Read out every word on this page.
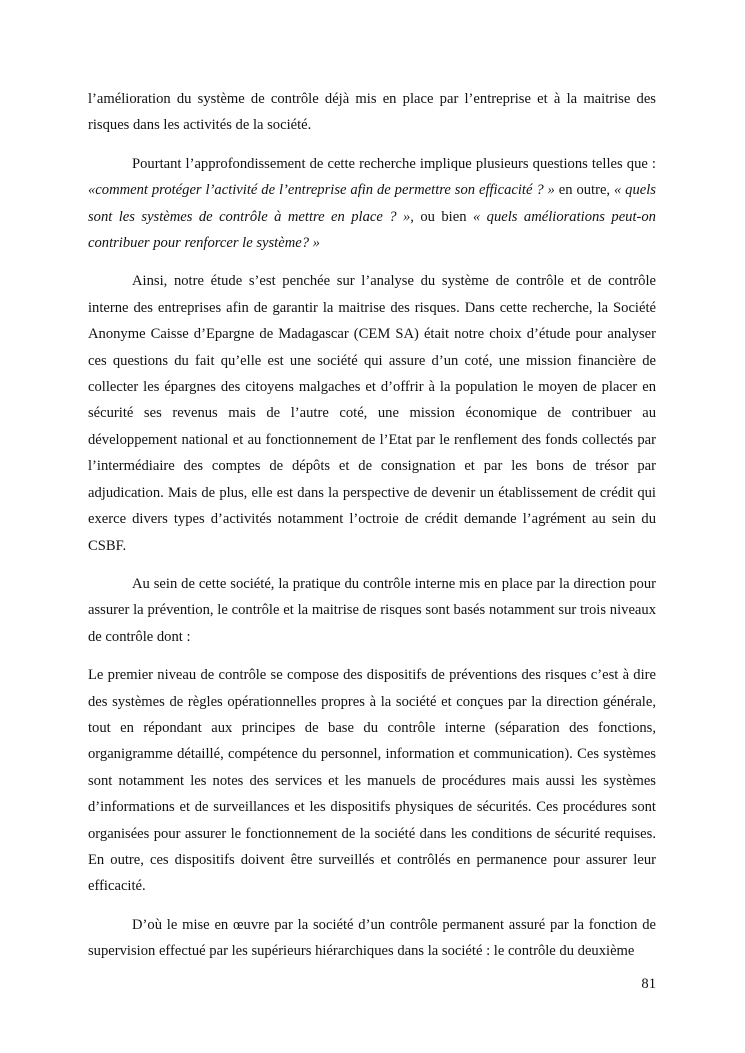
l’amélioration du système de contrôle déjà mis en place par l’entreprise et à la maitrise des risques dans les activités de la société.

Pourtant l’approfondissement de cette recherche implique plusieurs questions telles que : «comment protéger l’activité de l’entreprise afin de permettre son efficacité ? » en outre, « quels sont les systèmes de contrôle à mettre en place ? », ou bien « quels améliorations peut-on contribuer pour renforcer le système? »

Ainsi, notre étude s’est penchée sur l’analyse du système de contrôle et de contrôle interne des entreprises afin de garantir la maitrise des risques. Dans cette recherche, la Société Anonyme Caisse d’Epargne de Madagascar (CEM SA) était notre choix d’étude pour analyser ces questions du fait qu’elle est une société qui assure d’un coté, une mission financière de collecter les épargnes des citoyens malgaches et d’offrir à la population le moyen de placer en sécurité ses revenus mais de l’autre coté, une mission économique de contribuer au développement national et au fonctionnement de l’Etat par le renflement des fonds collectés par l’intermédiaire des comptes de dépôts et de consignation et par les bons de trésor par adjudication. Mais de plus, elle est dans la perspective de devenir un établissement de crédit qui exerce divers types d’activités notamment l’octroie de crédit demande l’agrément au sein du CSBF.

Au sein de cette société, la pratique du contrôle interne mis en place par la direction pour assurer la prévention, le contrôle et la maitrise de risques sont basés notamment sur trois niveaux de contrôle dont :

Le premier niveau de contrôle se compose des dispositifs de préventions des risques c’est à dire des systèmes de règles opérationnelles propres à la société et conçues par la direction générale, tout en répondant aux principes de base du contrôle interne (séparation des fonctions, organigramme détaillé, compétence du personnel, information et communication). Ces systèmes sont notamment les notes des services et les manuels de procédures mais aussi les systèmes d’informations et de surveillances et les dispositifs physiques de sécurités. Ces procédures sont organisées pour assurer le fonctionnement de la société dans les conditions de sécurité requises. En outre, ces dispositifs doivent être surveillés et contrôlés en permanence pour assurer leur efficacité.

D’où le mise en œuvre par la société d’un contrôle permanent assuré par la fonction de supervision effectué par les supérieurs hiérarchiques dans la société : le contrôle du deuxième

81
